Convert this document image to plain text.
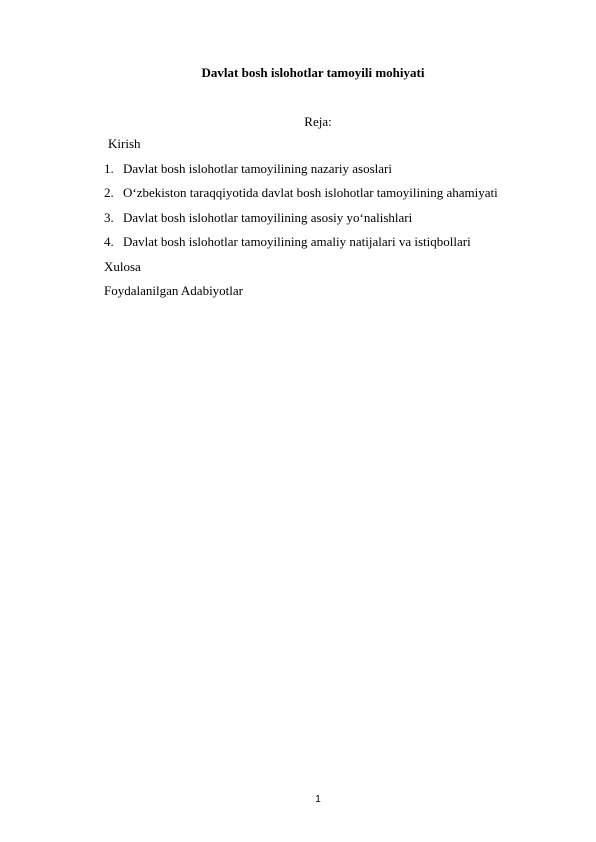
Davlat bosh islohotlar tamoyili mohiyati
Reja:
Kirish
1. Davlat bosh islohotlar tamoyilining nazariy asoslari
2. O‘zbekiston taraqqiyotida davlat bosh islohotlar tamoyilining ahamiyati
3. Davlat bosh islohotlar tamoyilining asosiy yo‘nalishlari
4. Davlat bosh islohotlar tamoyilining amaliy natijalari va istiqbollari
Xulosa
Foydalanilgan Adabiyotlar
1
